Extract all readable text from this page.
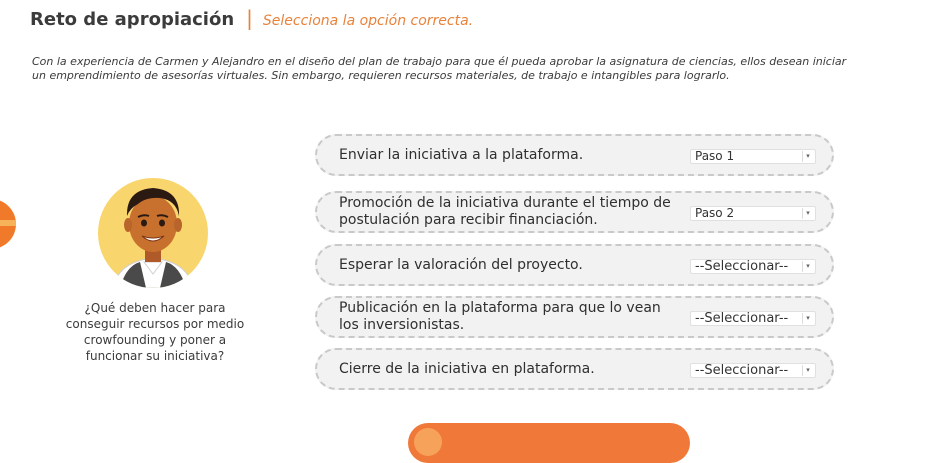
Reto de apropiación | Selecciona la opción correcta.
Con la experiencia de Carmen y Alejandro en el diseño del plan de trabajo para que él pueda aprobar la asignatura de ciencias, ellos desean iniciar un emprendimiento de asesorías virtuales. Sin embargo, requieren recursos materiales, de trabajo e intangibles para lograrlo.
¿Qué deben hacer para conseguir recursos por medio crowfounding y poner a funcionar su iniciativa?
Enviar la iniciativa a la plataforma.	Paso 1	▾
Promoción de la iniciativa durante el tiempo de postulación para recibir financiación.	Paso 2	▾
Esperar la valoración del proyecto.	--Seleccionar--	▾
Publicación en la plataforma para que lo vean los inversionistas.	--Seleccionar--	▾
Cierre de la iniciativa en plataforma.	--Seleccionar--	▾
